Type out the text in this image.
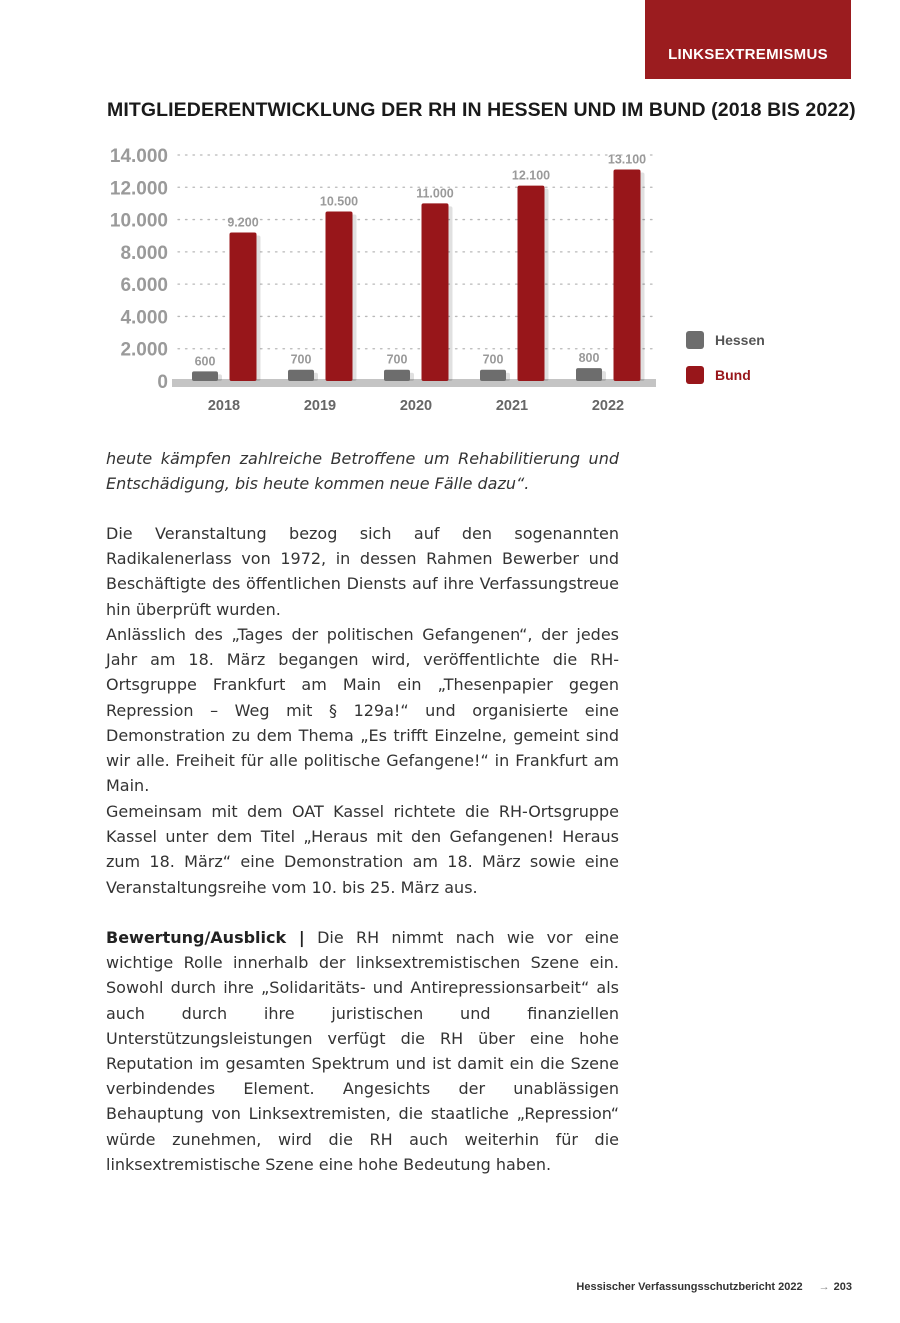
LINKSEXTREMISMUS
MITGLIEDERENTWICKLUNG DER RH IN HESSEN UND IM BUND (2018 BIS 2022)
0
2.000
4.000
6.000
8.000
10.000
12.000
14.000
600	700	700	700	800
9.200
10.500
11.000
12.100
13.100
2018	2019	2020	2021	2022
Hessen
Bund

heute kämpfen zahlreiche Betroffene um Rehabilitierung und Entschädigung, bis heute kommen neue Fälle dazu“.

Die Veranstaltung bezog sich auf den sogenannten Radikalenerlass von 1972, in dessen Rahmen Bewerber und Beschäftigte des öffentlichen Diensts auf ihre Verfassungstreue hin überprüft wurden.

Anlässlich des „Tages der politischen Gefangenen“, der jedes Jahr am 18. März begangen wird, veröffentlichte die RH-Ortsgruppe Frankfurt am Main ein „Thesenpapier gegen Repression – Weg mit § 129a!“ und organisierte eine Demonstration zu dem Thema „Es trifft Einzelne, gemeint sind wir alle. Freiheit für alle politische Gefangene!“ in Frankfurt am Main.

Gemeinsam mit dem OAT Kassel richtete die RH-Ortsgruppe Kassel unter dem Titel „Heraus mit den Gefangenen! Heraus zum 18. März“ eine Demonstration am 18. März sowie eine Veranstaltungsreihe vom 10. bis 25. März aus.

Bewertung/Ausblick | Die RH nimmt nach wie vor eine wichtige Rolle innerhalb der linksextremistischen Szene ein. Sowohl durch ihre „Solidaritäts- und Antirepressionsarbeit“ als auch durch ihre juristischen und finanziellen Unterstützungsleistungen verfügt die RH über eine hohe Reputation im gesamten Spektrum und ist damit ein die Szene verbindendes Element. Angesichts der unablässigen Behauptung von Linksextremisten, die staatliche „Repression“ würde zunehmen, wird die RH auch weiterhin für die linksextremistische Szene eine hohe Bedeutung haben.

Hessischer Verfassungsschutzbericht 2022 → 203
